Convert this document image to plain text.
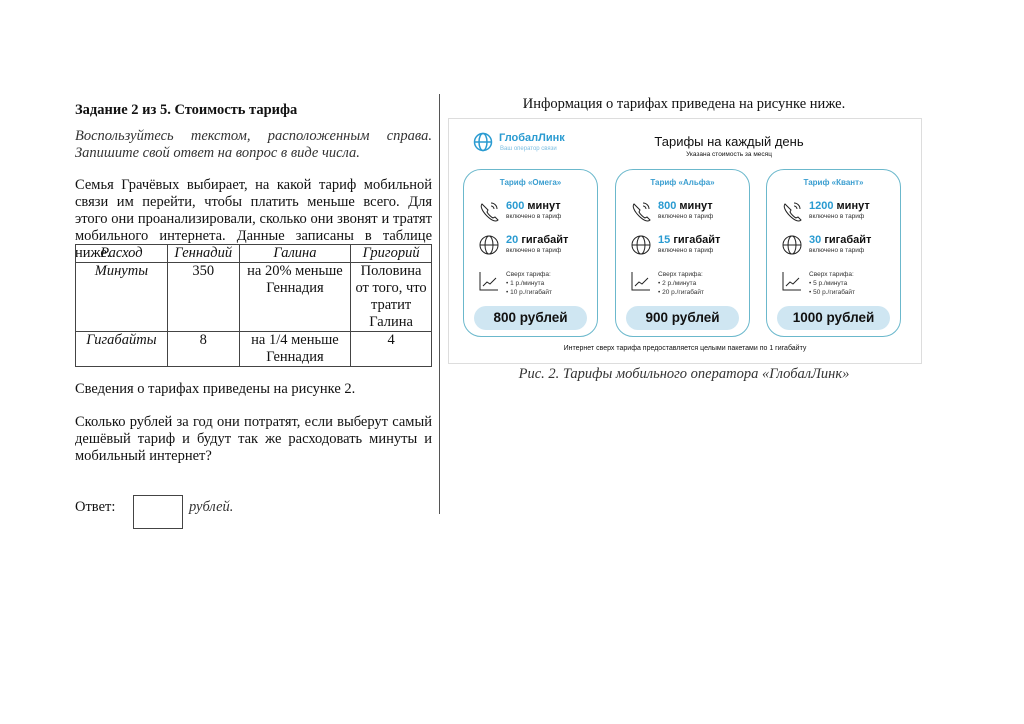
Задание 2 из 5. Стоимость тарифа
Воспользуйтесь текстом, расположенным справа. Запишите свой ответ на вопрос в виде числа.
Семья Грачёвых выбирает, на какой тариф мобильной связи им перейти, чтобы платить меньше всего. Для этого они проанализировали, сколько они звонят и тратят мобильного интернета. Данные записаны в таблице ниже.
Расход	Геннадий	Галина	Григорий
Минуты	350	на 20% меньше Геннадия	Половина от того, что тратит Галина
Гигабайты	8	на 1/4 меньше Геннадия	4
Сведения о тарифах приведены на рисунке 2.
Сколько рублей за год они потратят, если выберут самый дешёвый тариф и будут так же расходовать минуты и мобильный интернет?
Ответ:	рублей.
Информация о тарифах приведена на рисунке ниже.
ГлобалЛинк
Ваш оператор связи	Тарифы на каждый день
Указана стоимость за месяц
Тариф «Омега»
600 минут
включено в тариф
20 гигабайт
включено в тариф
Сверх тарифа:
• 1 р./минута
• 10 р./гигабайт
800 рублей
Тариф «Альфа»
800 минут
включено в тариф
15 гигабайт
включено в тариф
Сверх тарифа:
• 2 р./минута
• 20 р./гигабайт
900 рублей
Тариф «Квант»
1200 минут
включено в тариф
30 гигабайт
включено в тариф
Сверх тарифа:
• 5 р./минута
• 50 р./гигабайт
1000 рублей
Интернет сверх тарифа предоставляется целыми пакетами по 1 гигабайту
Рис. 2. Тарифы мобильного оператора «ГлобалЛинк»
